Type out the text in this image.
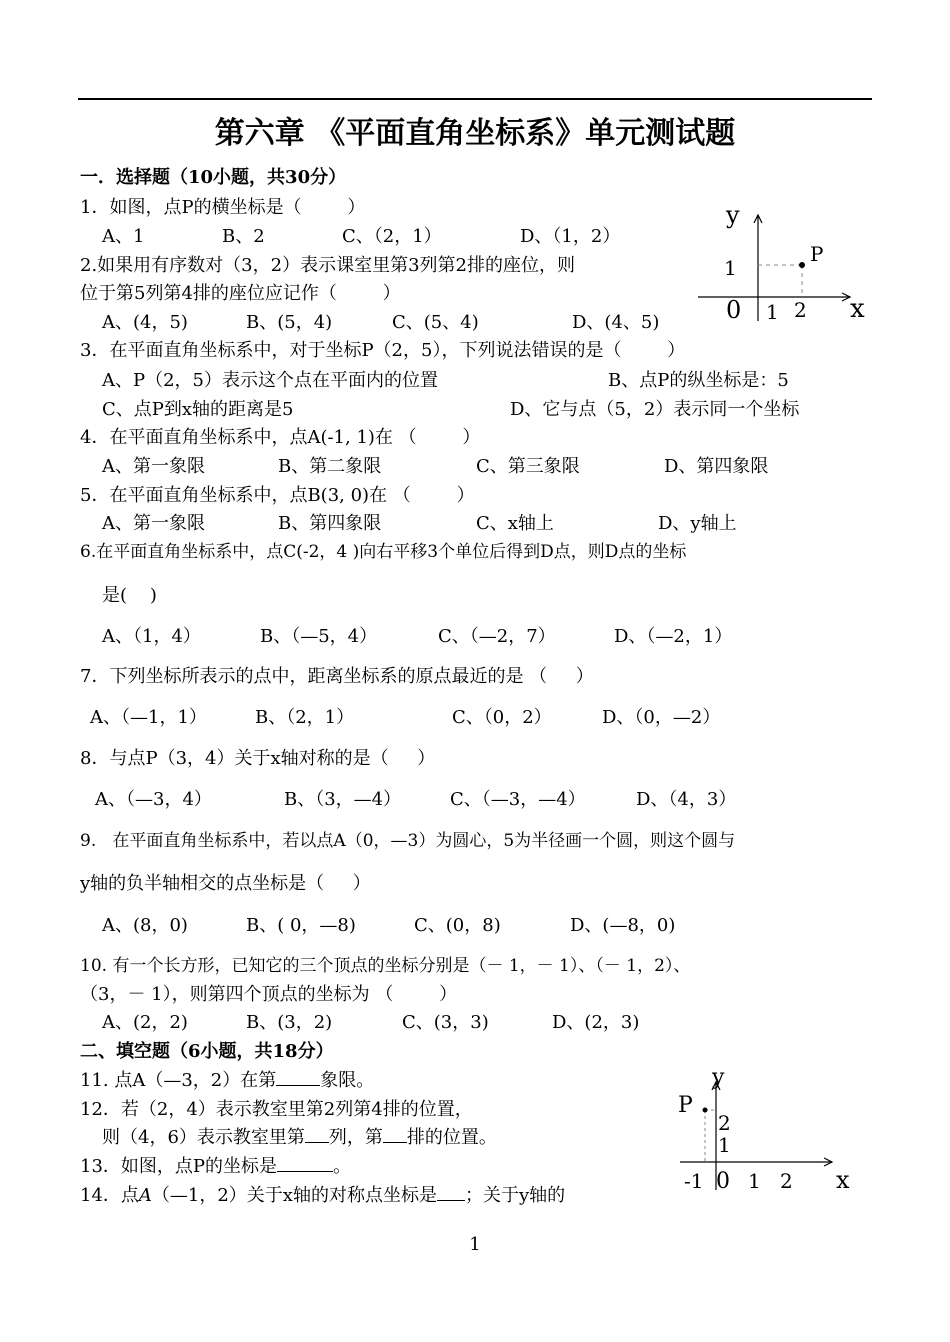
第六章 《平面直角坐标系》单元测试题
一．选择题（10小题，共30分）
1．如图，点P的横坐标是（        ）
A、1	B、2	C、（2，1）	D、（1，2）
y
x
0 1 2
1
P
2.如果用有序数对（3，2）表示课室里第3列第2排的座位，则
位于第5列第4排的座位应记作（        ）
A、(4，5)	B、(5，4)	C、(5、4)	D、(4、5)
3．在平面直角坐标系中，对于坐标P（2，5），下列说法错误的是（        ）
A、P（2，5）表示这个点在平面内的位置	B、点P的纵坐标是：5
C、点P到x轴的距离是5	D、它与点（5，2）表示同一个坐标
4．在平面直角坐标系中，点A(-1, 1)在 （        ）
A、第一象限	B、第二象限	C、第三象限	D、第四象限
5．在平面直角坐标系中，点B(3, 0)在 （        ）
A、第一象限	B、第四象限	C、x轴上	D、y轴上
6.在平面直角坐标系中，点C(-2，4 )向右平移3个单位后得到D点，则D点的坐标
是(    )
A、（1，4）	B、（—5，4）	C、（—2，7）	D、（—2，1）
7．下列坐标所表示的点中，距离坐标系的原点最近的是 （     ）
A、（—1，1）	B、（2，1）	C、（0，2）	D、（0，—2）
8．与点P（3，4）关于x轴对称的是（     ）
A、（—3，4）	B、（3，—4）	C、（—3，—4）	D、（4，3）
9.   在平面直角坐标系中，若以点A（0，—3）为圆心，5为半径画一个圆，则这个圆与
y轴的负半轴相交的点坐标是（     ）
A、(8，0)	B、( 0，—8)	C、(0，8)	D、(—8，0)
10. 有一个长方形，已知它的三个顶点的坐标分别是（－ 1，－ 1）、（－ 1，2）、
（3，－ 1），则第四个顶点的坐标为 （        ）
A、(2，2)	B、(3，2)	C、(3，3)	D、(2，3)
二、填空题（6小题，共18分）
11. 点A（—3，2）在第 象限。
12．若（2，4）表示教室里第2列第4排的位置，
则（4，6）表示教室里第 列，第 排的位置。
13．如图，点P的坐标是	。
14．点A（—1，2）关于x轴的对称点坐标是 ；关于y轴的
y
x
-1 0 1 2
2
1
P
1
